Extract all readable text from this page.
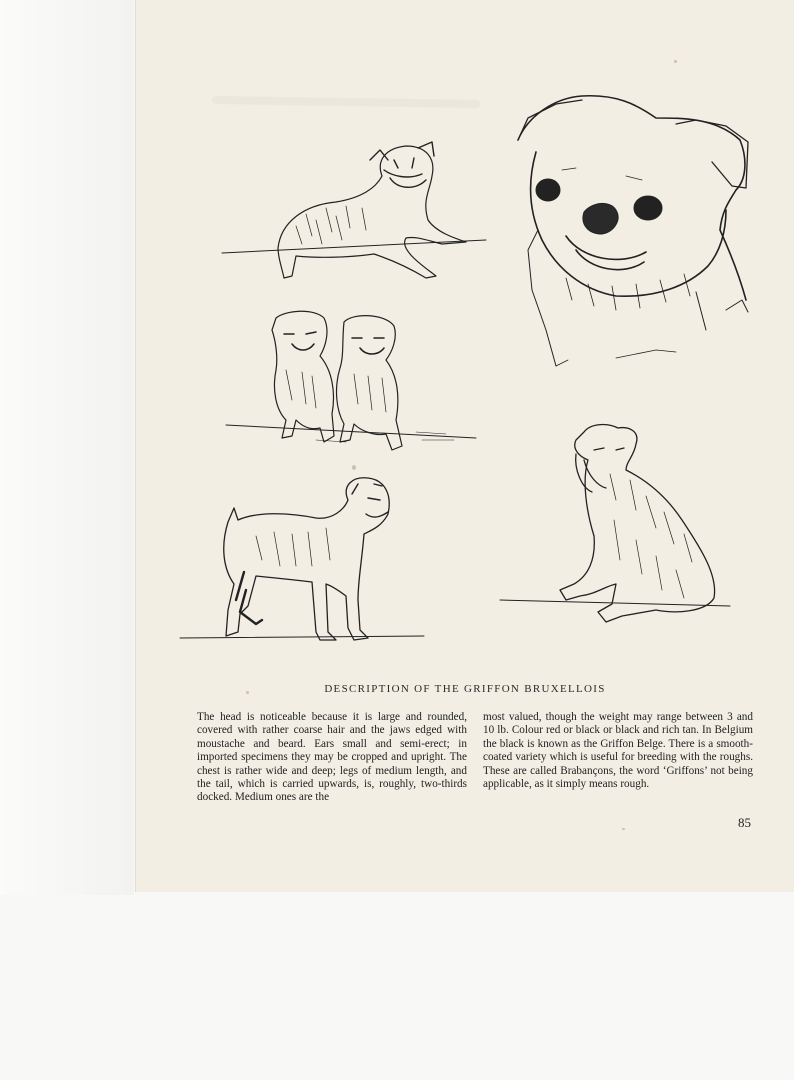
DESCRIPTION OF THE GRIFFON BRUXELLOIS
The head is noticeable because it is large and rounded, covered with rather coarse hair and the jaws edged with moustache and beard. Ears small and semi-erect; in imported specimens they may be cropped and upright. The chest is rather wide and deep; legs of medium length, and the tail, which is carried upwards, is, roughly, two-thirds docked. Medium ones are the
most valued, though the weight may range between 3 and 10 lb. Colour red or black or black and rich tan. In Belgium the black is known as the Griffon Belge. There is a smooth-coated variety which is useful for breeding with the roughs. These are called Brabançons, the word ‘Griffons’ not being applicable, as it simply means rough.
85
